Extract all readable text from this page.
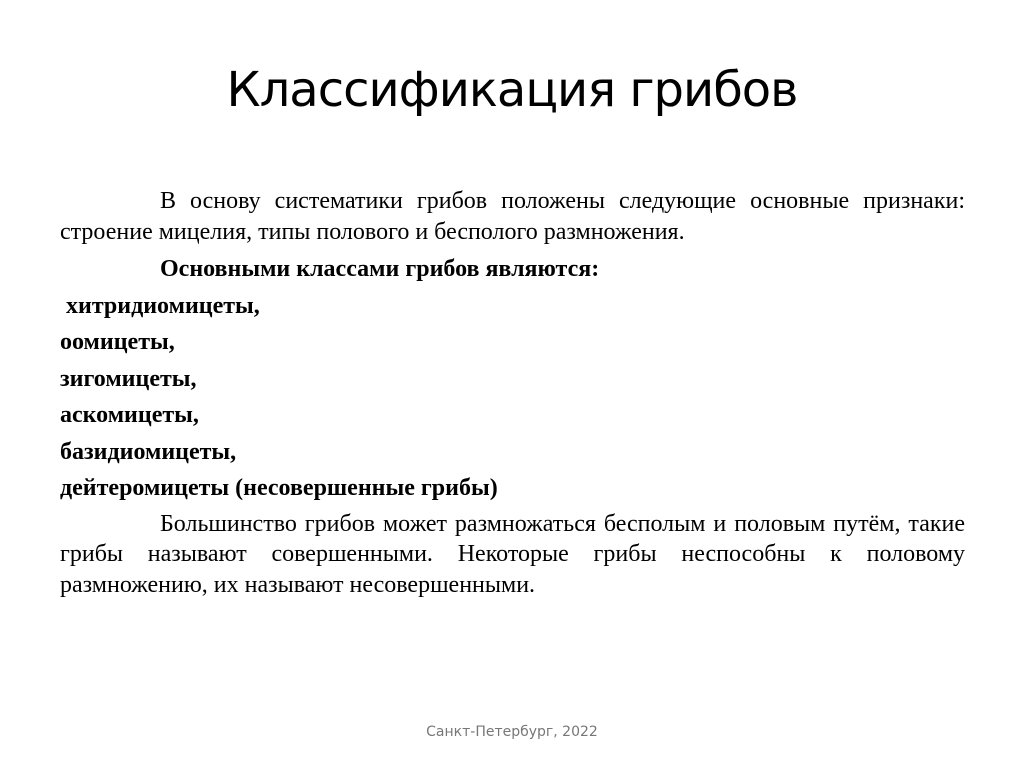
Классификация грибов

В основу систематики грибов положены следующие основные признаки: строение мицелия, типы полового и бесполого размножения.

Основными классами грибов являются:

хитридиомицеты,

оомицеты,

зигомицеты,

аскомицеты,

базидиомицеты,

дейтеромицеты (несовершенные грибы)

Большинство грибов может размножаться бесполым и половым путём, такие грибы называют совершенными. Некоторые грибы неспособны к половому размножению, их называют несовершенными.

Санкт-Петербург, 2022
